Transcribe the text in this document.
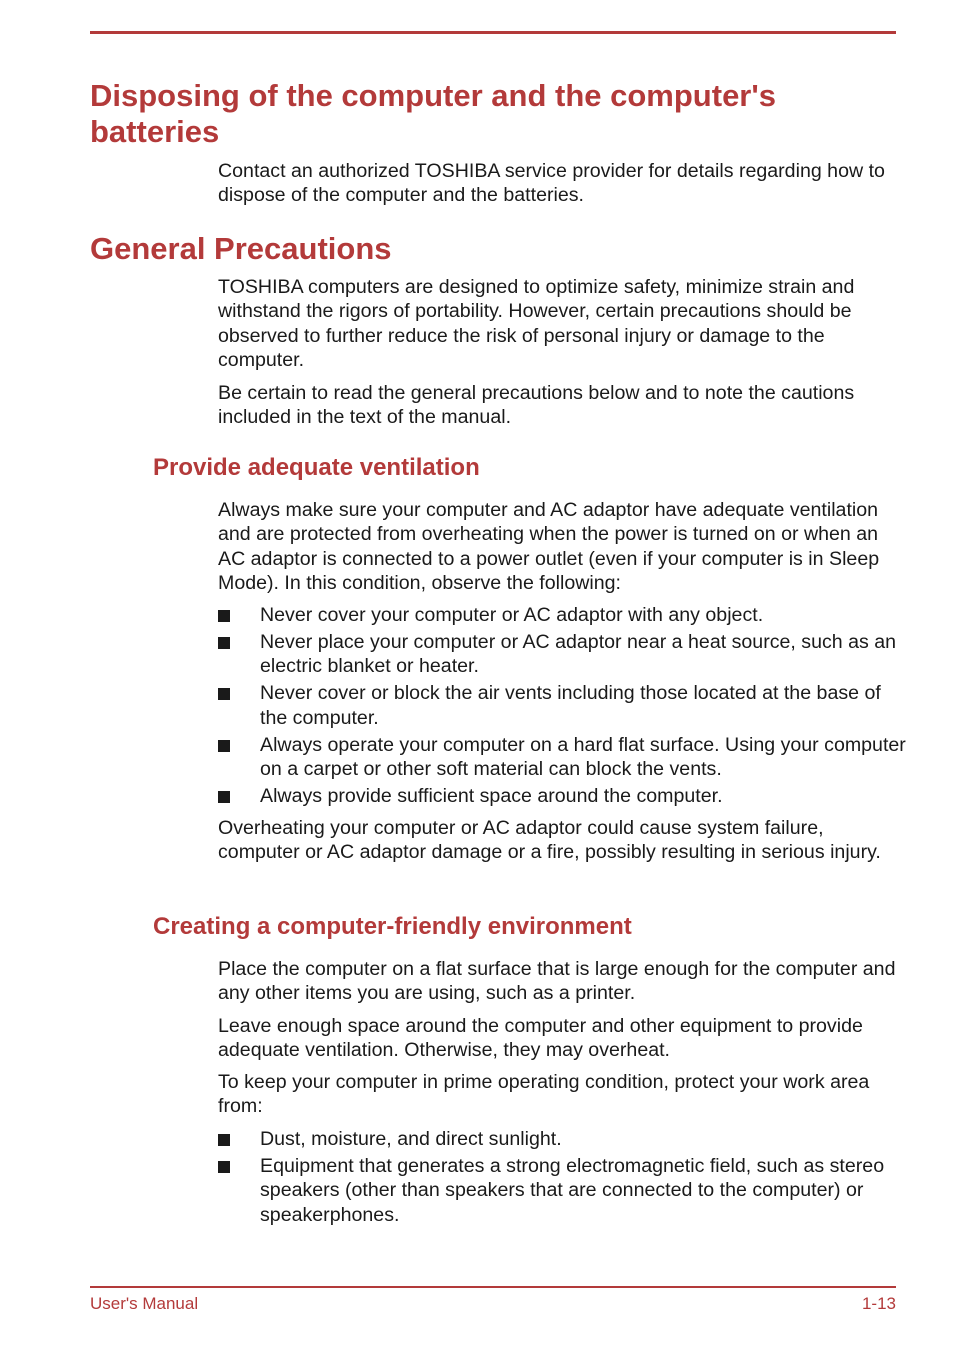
Disposing of the computer and the computer's
batteries

Contact an authorized TOSHIBA service provider for details regarding how to dispose of the computer and the batteries.

General Precautions

TOSHIBA computers are designed to optimize safety, minimize strain and withstand the rigors of portability. However, certain precautions should be observed to further reduce the risk of personal injury or damage to the computer.

Be certain to read the general precautions below and to note the cautions included in the text of the manual.

Provide adequate ventilation

Always make sure your computer and AC adaptor have adequate ventilation and are protected from overheating when the power is turned on or when an AC adaptor is connected to a power outlet (even if your computer is in Sleep Mode). In this condition, observe the following:

Never cover your computer or AC adaptor with any object.
Never place your computer or AC adaptor near a heat source, such as an electric blanket or heater.
Never cover or block the air vents including those located at the base of the computer.
Always operate your computer on a hard flat surface. Using your computer on a carpet or other soft material can block the vents.
Always provide sufficient space around the computer.

Overheating your computer or AC adaptor could cause system failure, computer or AC adaptor damage or a fire, possibly resulting in serious injury.

Creating a computer-friendly environment

Place the computer on a flat surface that is large enough for the computer and any other items you are using, such as a printer.

Leave enough space around the computer and other equipment to provide adequate ventilation. Otherwise, they may overheat.

To keep your computer in prime operating condition, protect your work area from:

Dust, moisture, and direct sunlight.
Equipment that generates a strong electromagnetic field, such as stereo speakers (other than speakers that are connected to the computer) or speakerphones.
User's Manual	1-13
